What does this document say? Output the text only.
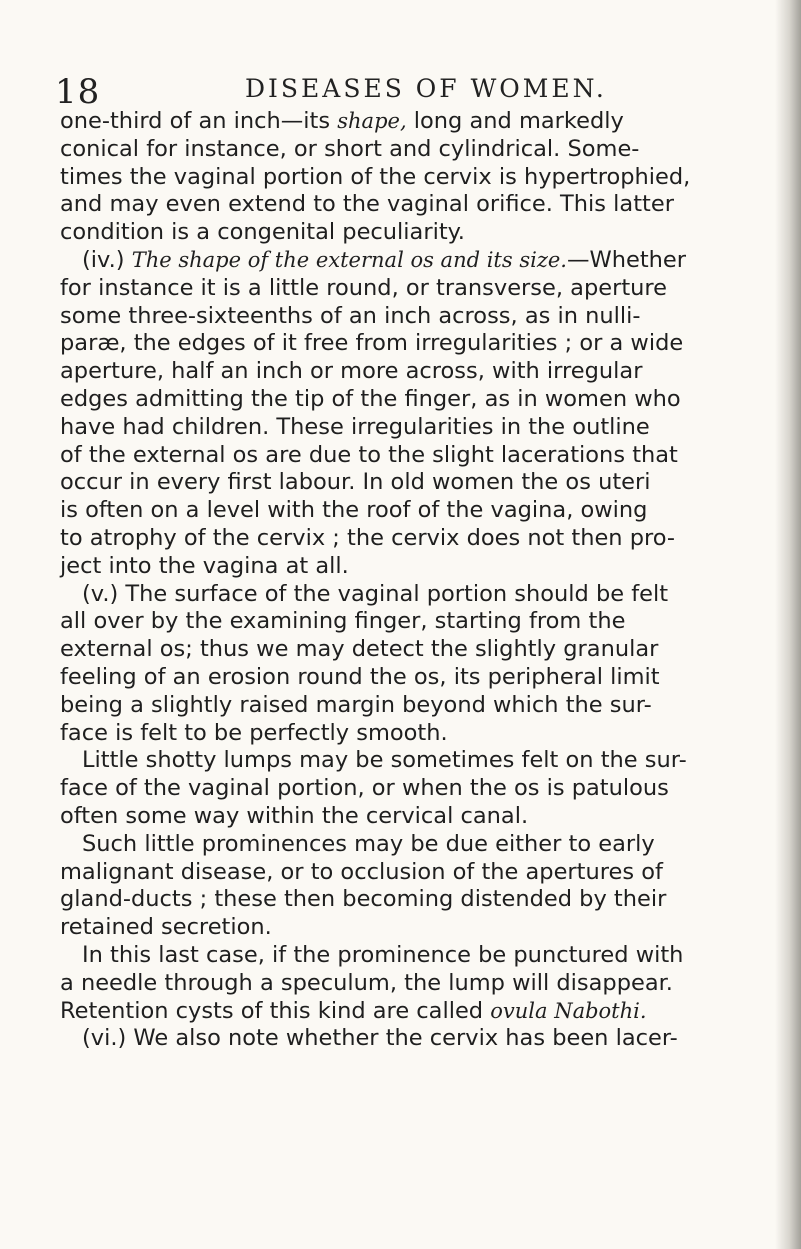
18	DISEASES OF WOMEN.
one-third of an inch—its shape, long and markedly
conical for instance, or short and cylindrical. Some-
times the vaginal portion of the cervix is hypertrophied,
and may even extend to the vaginal orifice. This latter
condition is a congenital peculiarity.
(iv.) The shape of the external os and its size.—Whether
for instance it is a little round, or transverse, aperture
some three-sixteenths of an inch across, as in nulli-
paræ, the edges of it free from irregularities ; or a wide
aperture, half an inch or more across, with irregular
edges admitting the tip of the finger, as in women who
have had children. These irregularities in the outline
of the external os are due to the slight lacerations that
occur in every first labour. In old women the os uteri
is often on a level with the roof of the vagina, owing
to atrophy of the cervix ; the cervix does not then pro-
ject into the vagina at all.
(v.) The surface of the vaginal portion should be felt
all over by the examining finger, starting from the
external os; thus we may detect the slightly granular
feeling of an erosion round the os, its peripheral limit
being a slightly raised margin beyond which the sur-
face is felt to be perfectly smooth.
Little shotty lumps may be sometimes felt on the sur-
face of the vaginal portion, or when the os is patulous
often some way within the cervical canal.
Such little prominences may be due either to early
malignant disease, or to occlusion of the apertures of
gland-ducts ; these then becoming distended by their
retained secretion.
In this last case, if the prominence be punctured with
a needle through a speculum, the lump will disappear.
Retention cysts of this kind are called ovula Nabothi.
(vi.) We also note whether the cervix has been lacer-
